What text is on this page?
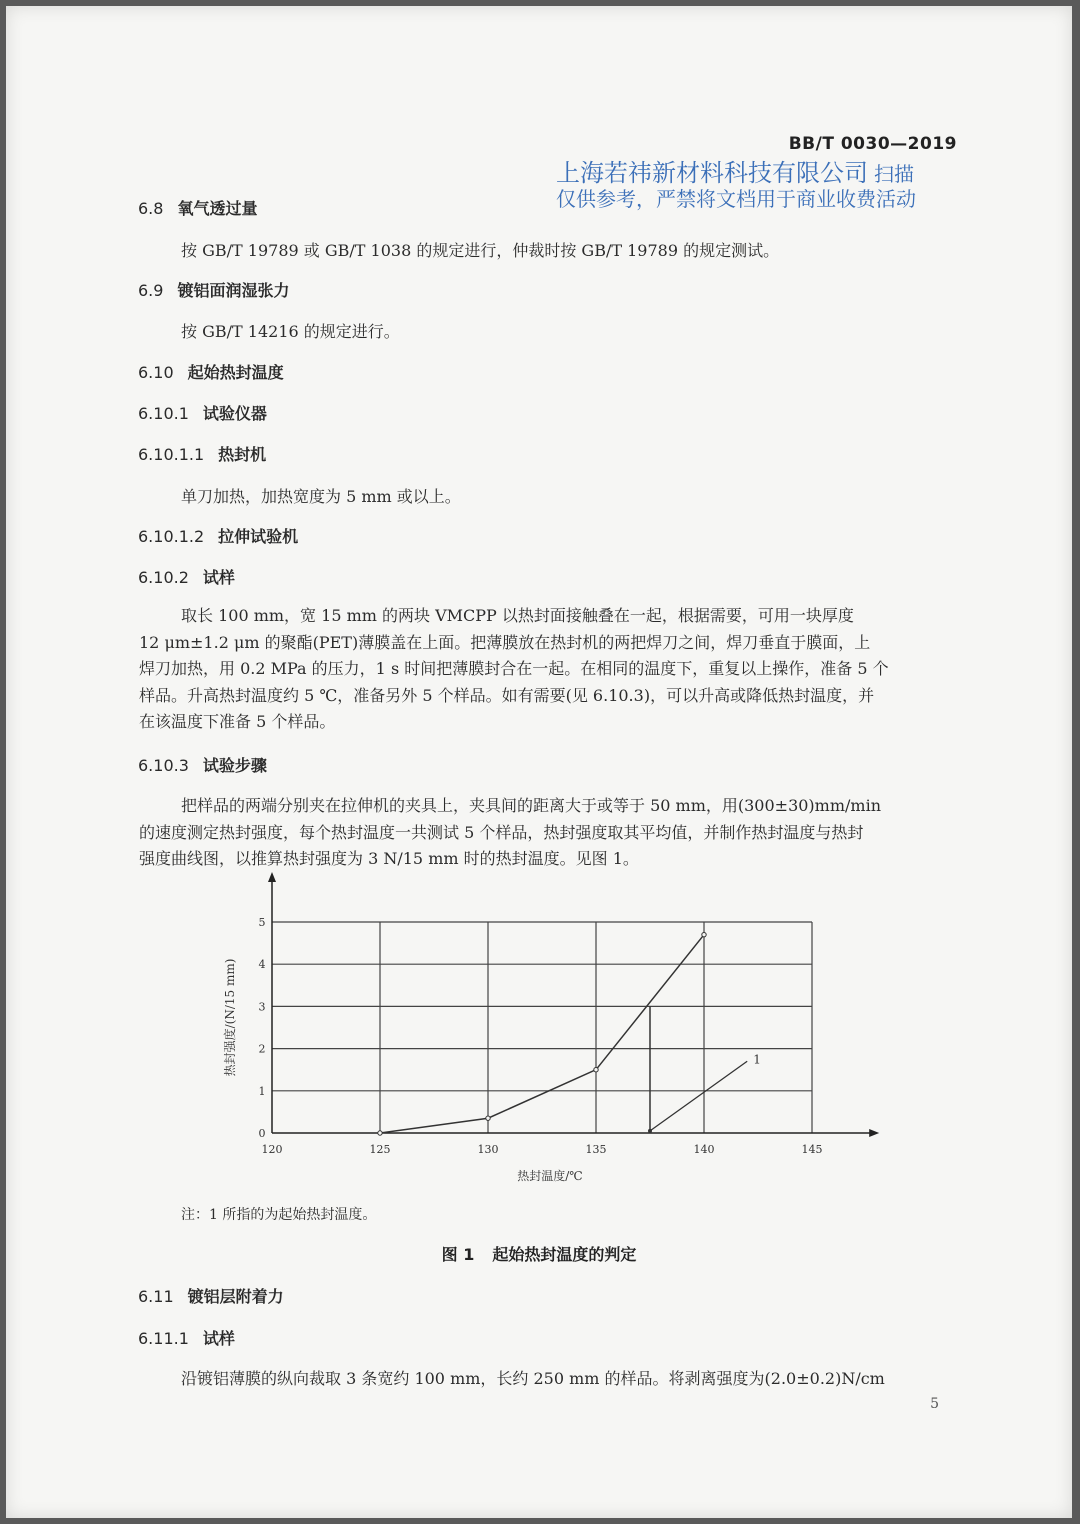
BB/T 0030—2019
上海若祎新材料科技有限公司 扫描
仅供参考，严禁将文档用于商业收费活动
6.8 氧气透过量
按 GB/T 19789 或 GB/T 1038 的规定进行，仲裁时按 GB/T 19789 的规定测试。
6.9 镀铝面润湿张力
按 GB/T 14216 的规定进行。
6.10 起始热封温度
6.10.1 试验仪器
6.10.1.1 热封机
单刀加热，加热宽度为 5 mm 或以上。
6.10.1.2 拉伸试验机
6.10.2 试样
取长 100 mm，宽 15 mm 的两块 VMCPP 以热封面接触叠在一起，根据需要，可用一块厚度
12 μm±1.2 μm 的聚酯(PET)薄膜盖在上面。把薄膜放在热封机的两把焊刀之间，焊刀垂直于膜面，上
焊刀加热，用 0.2 MPa 的压力，1 s 时间把薄膜封合在一起。在相同的温度下，重复以上操作，准备 5 个
样品。升高热封温度约 5 ℃，准备另外 5 个样品。如有需要(见 6.10.3)，可以升高或降低热封温度，并
在该温度下准备 5 个样品。
6.10.3 试验步骤
把样品的两端分别夹在拉伸机的夹具上，夹具间的距离大于或等于 50 mm，用(300±30)mm/min
的速度测定热封强度，每个热封温度一共测试 5 个样品，热封强度取其平均值，并制作热封温度与热封
强度曲线图，以推算热封强度为 3 N/15 mm 时的热封温度。见图 1。
120	125	130	135	140	145
0
1
2
3
4
5
热封温度/℃
热封强度/(N/15 mm)	1
注：1 所指的为起始热封温度。
图 1 起始热封温度的判定
6.11 镀铝层附着力
6.11.1 试样
沿镀铝薄膜的纵向裁取 3 条宽约 100 mm，长约 250 mm 的样品。将剥离强度为(2.0±0.2)N/cm
5
